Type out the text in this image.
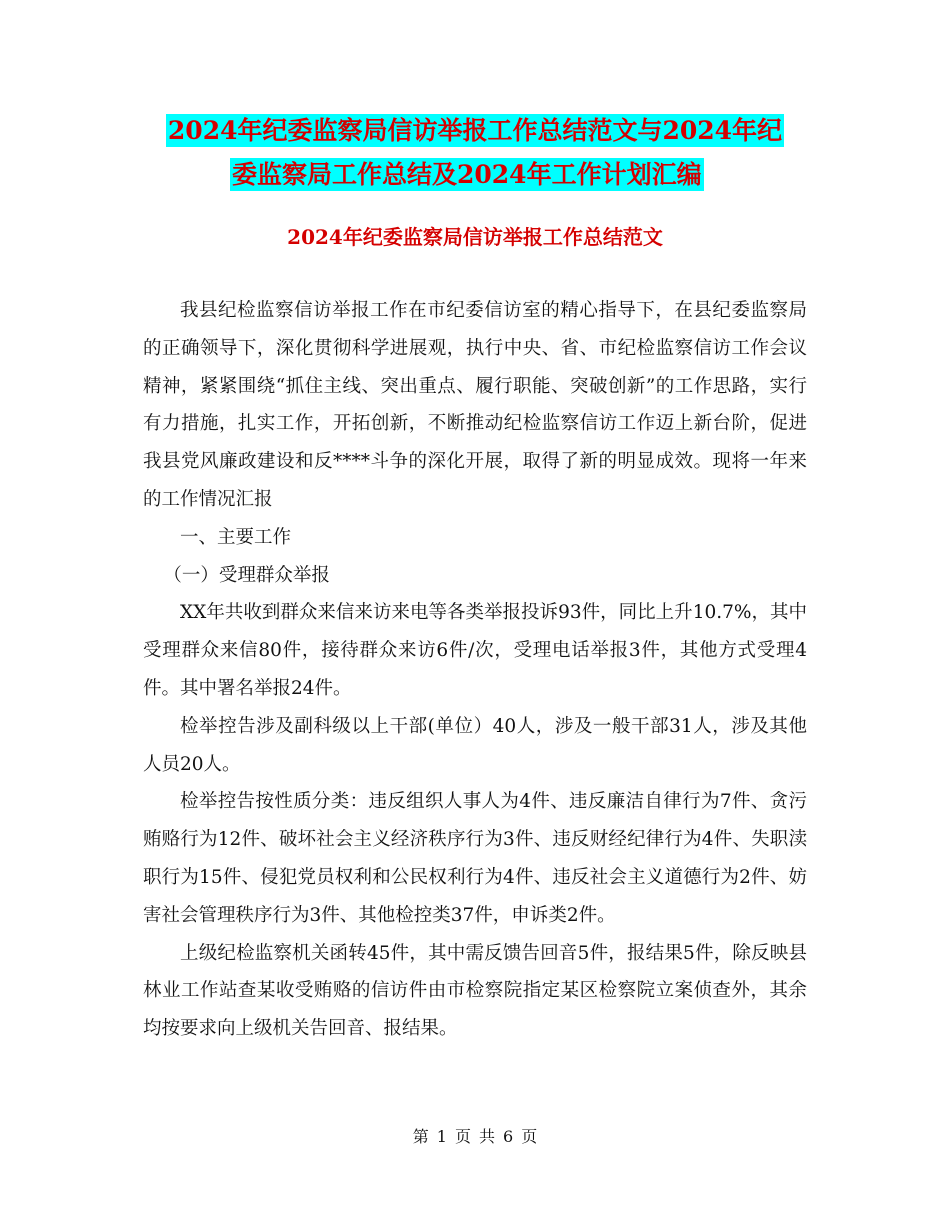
2024年纪委监察局信访举报工作总结范文与2024年纪
委监察局工作总结及2024年工作计划汇编
2024年纪委监察局信访举报工作总结范文

我县纪检监察信访举报工作在市纪委信访室的精心指导下，在县纪委监察局的正确领导下，深化贯彻科学进展观，执行中央、省、市纪检监察信访工作会议精神，紧紧围绕“抓住主线、突出重点、履行职能、突破创新”的工作思路，实行有力措施，扎实工作，开拓创新，不断推动纪检监察信访工作迈上新台阶，促进我县党风廉政建设和反****斗争的深化开展，取得了新的明显成效。现将一年来的工作情况汇报

一、主要工作

（一）受理群众举报

XX年共收到群众来信来访来电等各类举报投诉93件，同比上升10.7%，其中受理群众来信80件，接待群众来访6件/次，受理电话举报3件，其他方式受理4件。其中署名举报24件。

检举控告涉及副科级以上干部(单位）40人，涉及一般干部31人，涉及其他人员20人。

检举控告按性质分类：违反组织人事人为4件、违反廉洁自律行为7件、贪污贿赂行为12件、破坏社会主义经济秩序行为3件、违反财经纪律行为4件、失职渎职行为15件、侵犯党员权利和公民权利行为4件、违反社会主义道德行为2件、妨害社会管理秩序行为3件、其他检控类37件，申诉类2件。

上级纪检监察机关函转45件，其中需反馈告回音5件，报结果5件，除反映县林业工作站查某收受贿赂的信访件由市检察院指定某区检察院立案侦查外，其余均按要求向上级机关告回音、报结果。

第 1 页 共 6 页
